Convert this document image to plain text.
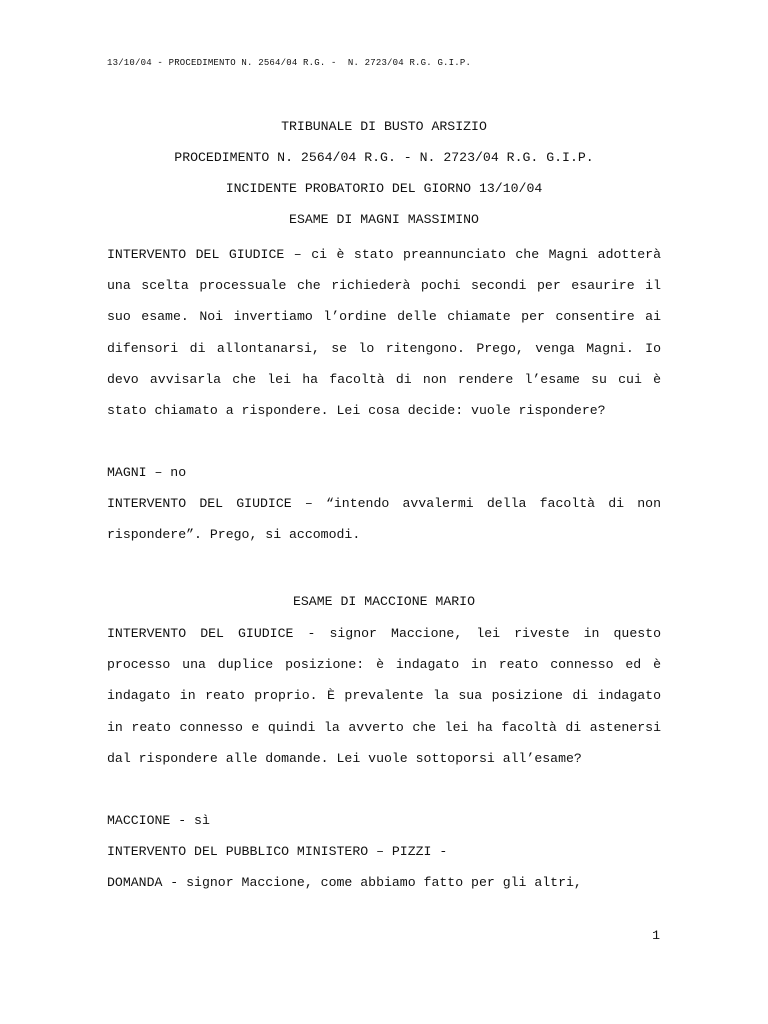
13/10/04 - PROCEDIMENTO N. 2564/04 R.G. -  N. 2723/04 R.G. G.I.P.
TRIBUNALE DI BUSTO ARSIZIO
PROCEDIMENTO N. 2564/04 R.G. - N. 2723/04 R.G. G.I.P.
INCIDENTE PROBATORIO DEL GIORNO 13/10/04
ESAME DI MAGNI MASSIMINO
INTERVENTO DEL GIUDICE – ci è stato preannunciato che Magni adotterà una scelta processuale che richiederà pochi secondi per esaurire il suo esame. Noi invertiamo l’ordine delle chiamate per consentire ai difensori di allontanarsi, se lo ritengono. Prego, venga Magni. Io devo avvisarla che lei ha facoltà di non rendere l’esame su cui è stato chiamato a rispondere. Lei cosa decide: vuole rispondere?
MAGNI – no
INTERVENTO DEL GIUDICE – “intendo avvalermi della facoltà di non rispondere”. Prego, si accomodi.
ESAME DI MACCIONE MARIO
INTERVENTO DEL GIUDICE - signor Maccione, lei riveste in questo processo una duplice posizione: è indagato in reato connesso ed è indagato in reato proprio. È prevalente la sua posizione di indagato in reato connesso e quindi la avverto che lei ha facoltà di astenersi dal rispondere alle domande. Lei vuole sottoporsi all’esame?
MACCIONE - sì
INTERVENTO DEL PUBBLICO MINISTERO – PIZZI -
DOMANDA - signor Maccione, come abbiamo fatto per gli altri,
1
